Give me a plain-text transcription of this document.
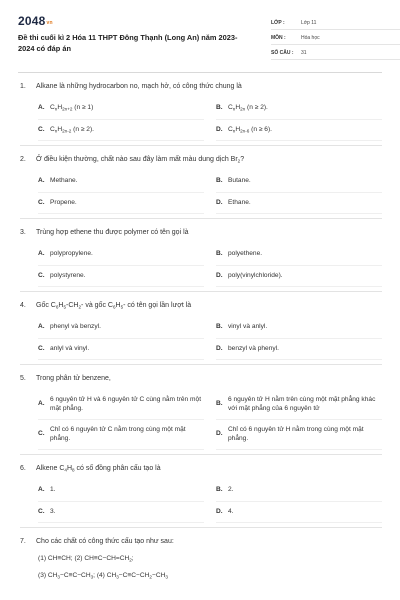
2048vn
Đề thi cuối kì 2 Hóa 11 THPT Đông Thạnh (Long An) năm 2023-2024 có đáp án
LỚP :	Lớp 11
MÔN :	Hóa học
SỐ CÂU :	31
1.	Alkane là những hydrocarbon no, mạch hở, có công thức chung là
A. $C_nH_{2n+2}$ (n ≥ 1)	B. $C_nH_{2n}$ (n ≥ 2).
C. $C_nH_{2n-2}$ (n ≥ 2).	D. $C_nH_{2n-6}$ (n ≥ 6).
2.	Ở điều kiện thường, chất nào sau đây làm mất màu dung dịch $Br_2$?
A. Methane.	B. Butane.
C. Propene.	D. Ethane.
3.	Trùng hợp ethene thu được polymer có tên gọi là
A. polypropylene.	B. polyethene.
C. polystyrene.	D. poly(vinylchloride).
4.	Gốc $C_6H_5-CH_2-$ và gốc $C_6H_5-$ có tên gọi lần lượt là
A. phenyl và benzyl.	B. vinyl và anlyl.
C. anlyl và vinyl.	D. benzyl và phenyl.
5.	Trong phân tử benzene,
A.
6 nguyên tử H và 6 nguyên tử C cùng nằm trên một mặt phẳng.
B.
6 nguyên tử H nằm trên cùng một mặt phẳng khác với mặt phẳng của 6 nguyên tử
C.
Chỉ có 6 nguyên tử C nằm trong cùng một mặt phẳng.
D.
Chỉ có 6 nguyên tử H nằm trong cùng một mặt phẳng.
6.	Alkene $C_4H_8$ có số đồng phân cấu tạo là
A. 1.	B. 2.
C. 3.	D. 4.
7.	Cho các chất có công thức cấu tạo như sau:
(1) CH≡CH; (2) $CH\equiv C-CH=CH_2$;
(3) $CH_3-C\equiv C-CH_3$; (4) $CH_3-C\equiv C-CH_2-CH_3$
